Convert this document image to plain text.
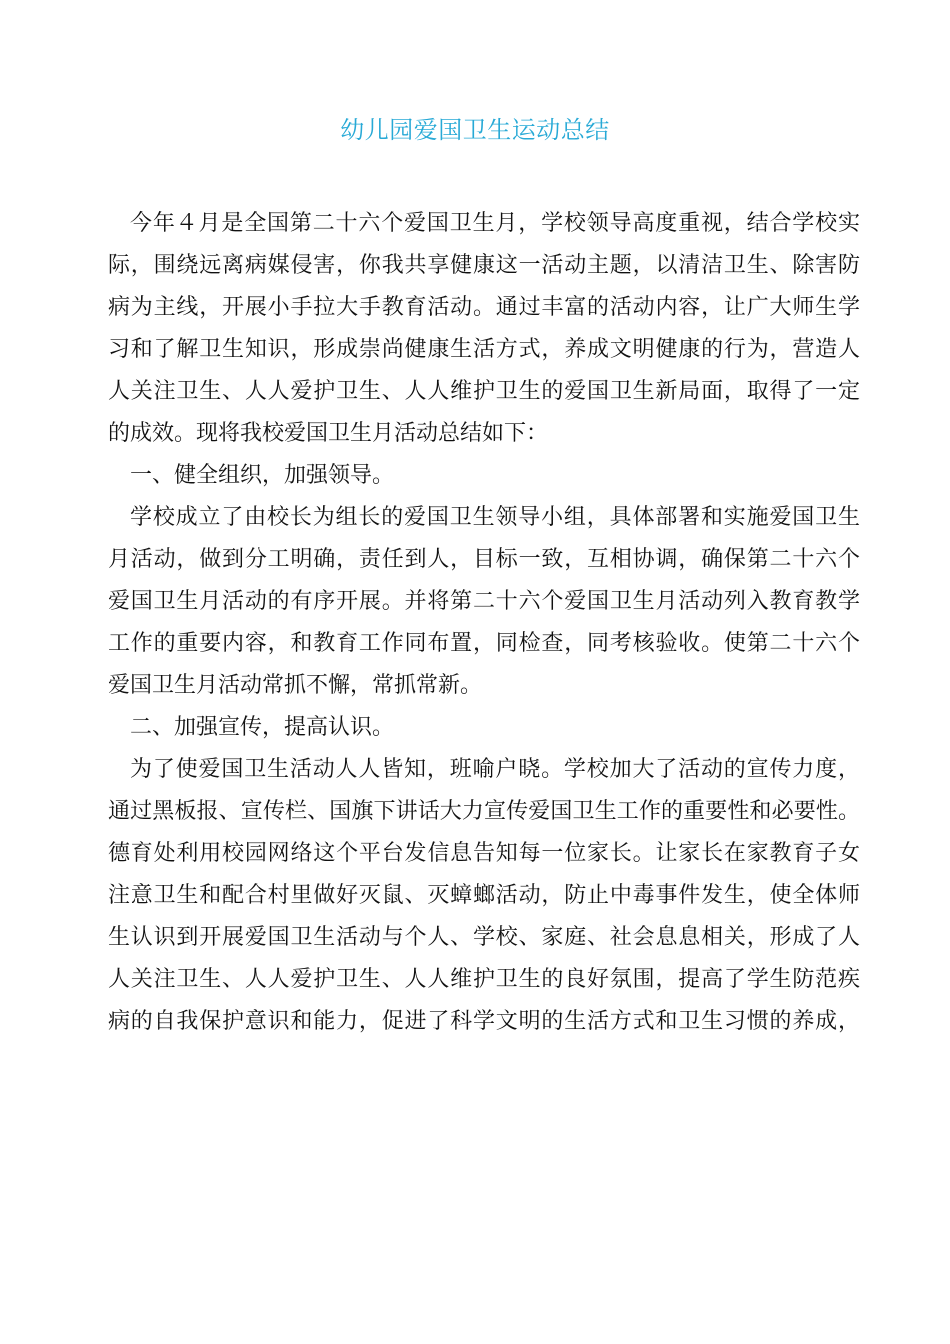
幼儿园爱国卫生运动总结
今年４月是全国第二十六个爱国卫生月，学校领导高度重视，结合学校实
际，围绕远离病媒侵害，你我共享健康这一活动主题，以清洁卫生、除害防
病为主线，开展小手拉大手教育活动。通过丰富的活动内容，让广大师生学
习和了解卫生知识，形成崇尚健康生活方式，养成文明健康的行为，营造人
人关注卫生、人人爱护卫生、人人维护卫生的爱国卫生新局面，取得了一定
的成效。现将我校爱国卫生月活动总结如下：
一、健全组织，加强领导。
学校成立了由校长为组长的爱国卫生领导小组，具体部署和实施爱国卫生
月活动，做到分工明确，责任到人，目标一致，互相协调，确保第二十六个
爱国卫生月活动的有序开展。并将第二十六个爱国卫生月活动列入教育教学
工作的重要内容，和教育工作同布置，同检查，同考核验收。使第二十六个
爱国卫生月活动常抓不懈，常抓常新。
二、加强宣传，提高认识。
为了使爱国卫生活动人人皆知，班喻户晓。学校加大了活动的宣传力度，
通过黑板报、宣传栏、国旗下讲话大力宣传爱国卫生工作的重要性和必要性。
德育处利用校园网络这个平台发信息告知每一位家长。让家长在家教育子女
注意卫生和配合村里做好灭鼠、灭蟑螂活动，防止中毒事件发生，使全体师
生认识到开展爱国卫生活动与个人、学校、家庭、社会息息相关，形成了人
人关注卫生、人人爱护卫生、人人维护卫生的良好氛围，提高了学生防范疾
病的自我保护意识和能力，促进了科学文明的生活方式和卫生习惯的养成，
